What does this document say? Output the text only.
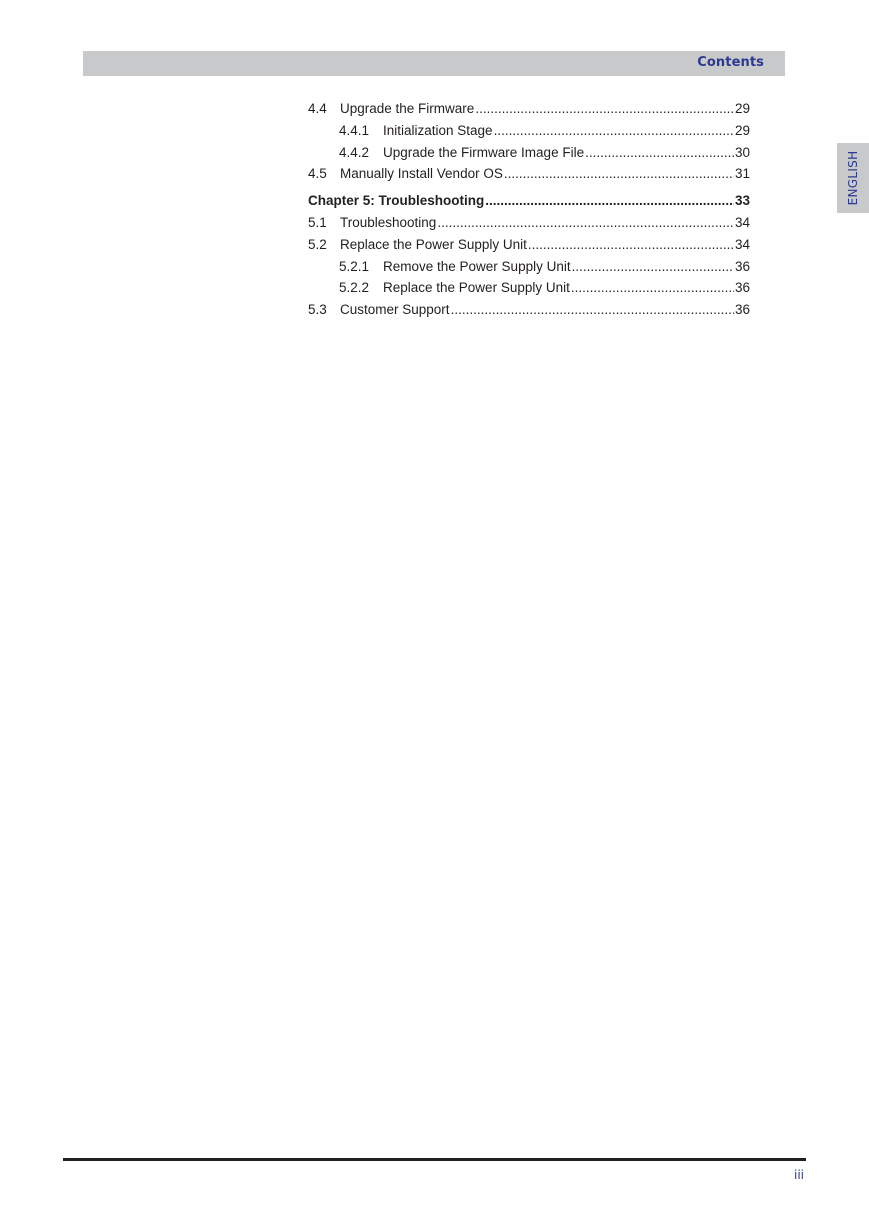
Contents
ENGLISH
4.4 Upgrade the Firmware .....	29
4.4.1	Initialization Stage .....	29
4.4.2	Upgrade the Firmware Image File .....	30
4.5 Manually Install Vendor OS .....	31
Chapter 5: Troubleshooting .....	33
5.1 Troubleshooting .....	34
5.2 Replace the Power Supply Unit .....	34
5.2.1	Remove the Power Supply Unit .....	36
5.2.2	Replace the Power Supply Unit .....	36
5.3 Customer Support .....	36
iii
